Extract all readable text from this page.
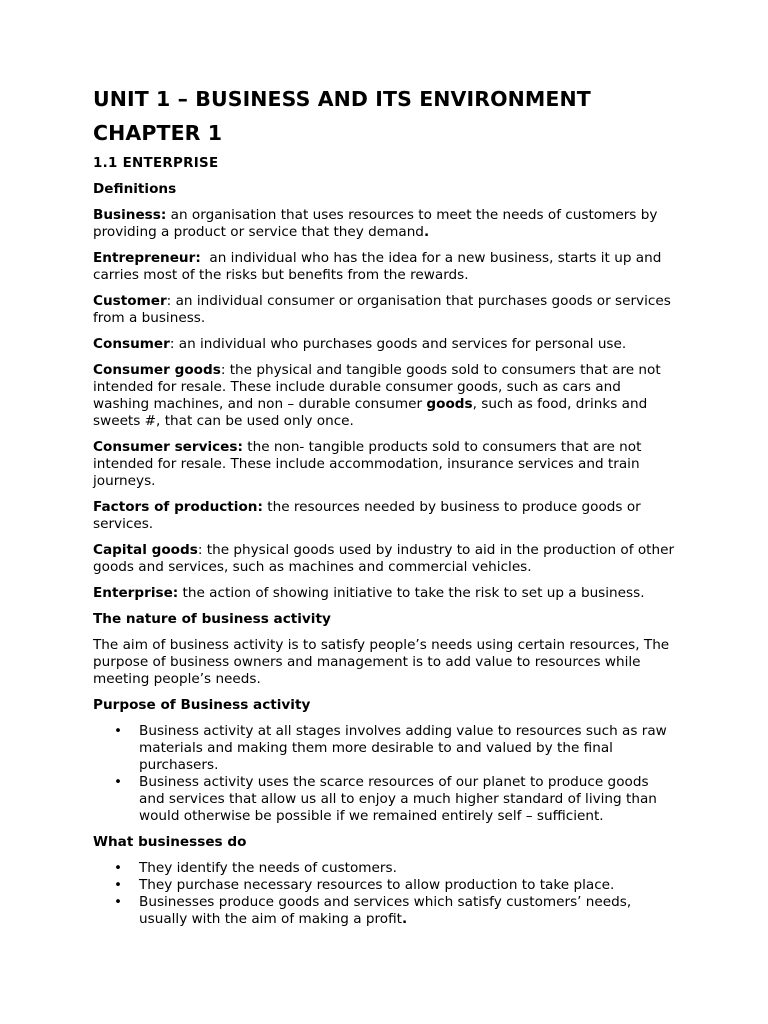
UNIT 1 – BUSINESS AND ITS ENVIRONMENT
CHAPTER 1
1.1 ENTERPRISE
Definitions

Business: an organisation that uses resources to meet the needs of customers by providing a product or service that they demand.

Entrepreneur:  an individual who has the idea for a new business, starts it up and carries most of the risks but benefits from the rewards.

Customer: an individual consumer or organisation that purchases goods or services from a business.

Consumer: an individual who purchases goods and services for personal use.

Consumer goods: the physical and tangible goods sold to consumers that are not intended for resale. These include durable consumer goods, such as cars and washing machines, and non – durable consumer goods, such as food, drinks and sweets #, that can be used only once.

Consumer services: the non- tangible products sold to consumers that are not intended for resale. These include accommodation, insurance services and train journeys.

Factors of production: the resources needed by business to produce goods or services.

Capital goods: the physical goods used by industry to aid in the production of other goods and services, such as machines and commercial vehicles.

Enterprise: the action of showing initiative to take the risk to set up a business.

The nature of business activity

The aim of business activity is to satisfy people’s needs using certain resources, The purpose of business owners and management is to add value to resources while meeting people’s needs.

Purpose of Business activity
• Business activity at all stages involves adding value to resources such as raw materials and making them more desirable to and valued by the final purchasers.
• Business activity uses the scarce resources of our planet to produce goods and services that allow us all to enjoy a much higher standard of living than would otherwise be possible if we remained entirely self – sufficient.
What businesses do
• They identify the needs of customers.
• They purchase necessary resources to allow production to take place.
• Businesses produce goods and services which satisfy customers’ needs, usually with the aim of making a profit.
